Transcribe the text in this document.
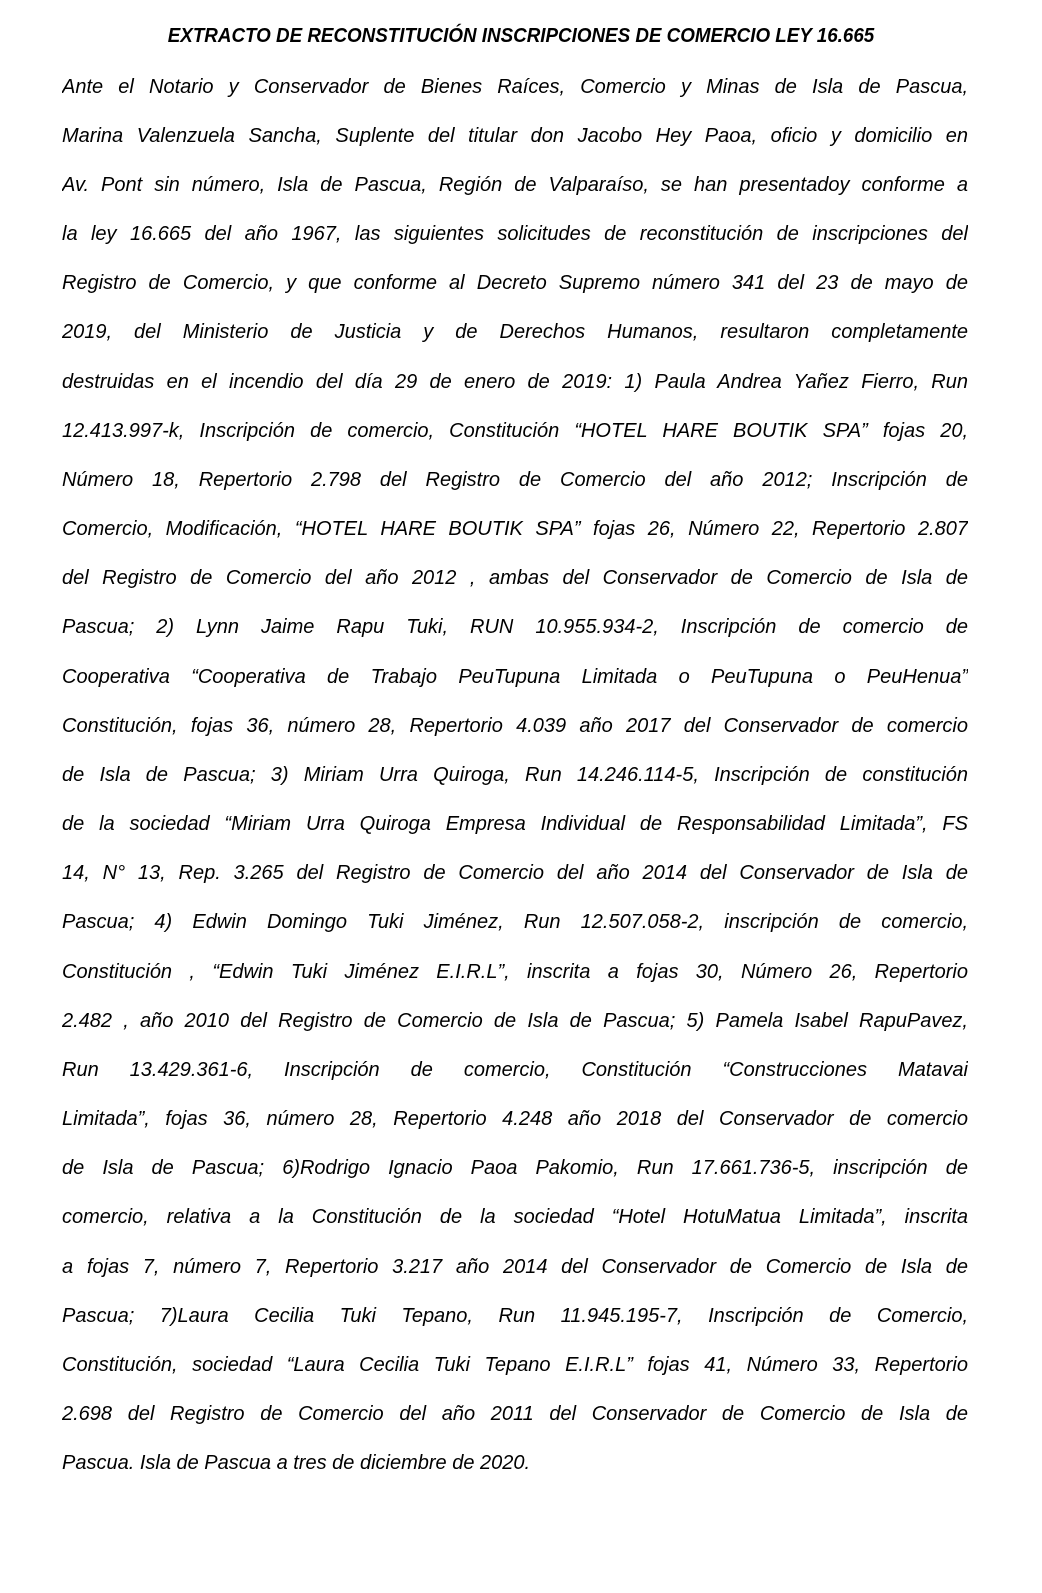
EXTRACTO DE RECONSTITUCIÓN INSCRIPCIONES DE COMERCIO LEY 16.665
Ante el Notario y Conservador de Bienes Raíces, Comercio y Minas de Isla de Pascua,
Marina Valenzuela Sancha, Suplente del titular don Jacobo Hey Paoa, oficio y domicilio en
Av. Pont sin número, Isla de Pascua, Región de Valparaíso, se han presentadoy conforme a
la ley 16.665 del año 1967, las siguientes solicitudes de reconstitución de inscripciones del
Registro de Comercio, y que conforme al Decreto Supremo número 341 del 23 de mayo de
2019, del Ministerio de Justicia y de Derechos Humanos, resultaron completamente
destruidas en el incendio del día 29 de enero de 2019: 1) Paula Andrea Yañez Fierro, Run
12.413.997-k, Inscripción de comercio, Constitución “HOTEL HARE BOUTIK SPA” fojas 20,
Número 18, Repertorio 2.798 del Registro de Comercio del año 2012; Inscripción de
Comercio, Modificación, “HOTEL HARE BOUTIK SPA” fojas 26, Número 22, Repertorio 2.807
del Registro de Comercio del año 2012 , ambas del Conservador de Comercio de Isla de
Pascua; 2) Lynn Jaime Rapu Tuki, RUN 10.955.934-2, Inscripción de comercio de
Cooperativa “Cooperativa de Trabajo PeuTupuna Limitada o PeuTupuna o PeuHenua”
Constitución, fojas 36, número 28, Repertorio 4.039 año 2017 del Conservador de comercio
de Isla de Pascua; 3) Miriam Urra Quiroga, Run 14.246.114-5, Inscripción de constitución
de la sociedad “Miriam Urra Quiroga Empresa Individual de Responsabilidad Limitada”, FS
14, N° 13, Rep. 3.265 del Registro de Comercio del año 2014 del Conservador de Isla de
Pascua; 4) Edwin Domingo Tuki Jiménez, Run 12.507.058-2, inscripción de comercio,
Constitución , “Edwin Tuki Jiménez E.I.R.L”, inscrita a fojas 30, Número 26, Repertorio
2.482 , año 2010 del Registro de Comercio de Isla de Pascua; 5) Pamela Isabel RapuPavez,
Run 13.429.361-6, Inscripción de comercio, Constitución “Construcciones Matavai
Limitada”, fojas 36, número 28, Repertorio 4.248 año 2018 del Conservador de comercio
de Isla de Pascua; 6)Rodrigo Ignacio Paoa Pakomio, Run 17.661.736-5, inscripción de
comercio, relativa a la Constitución de la sociedad “Hotel HotuMatua Limitada”, inscrita
a fojas 7, número 7, Repertorio 3.217 año 2014 del Conservador de Comercio de Isla de
Pascua; 7)Laura Cecilia Tuki Tepano, Run 11.945.195-7, Inscripción de Comercio,
Constitución, sociedad “Laura Cecilia Tuki Tepano E.I.R.L” fojas 41, Número 33, Repertorio
2.698 del Registro de Comercio del año 2011 del Conservador de Comercio de Isla de
Pascua. Isla de Pascua a tres de diciembre de 2020.
